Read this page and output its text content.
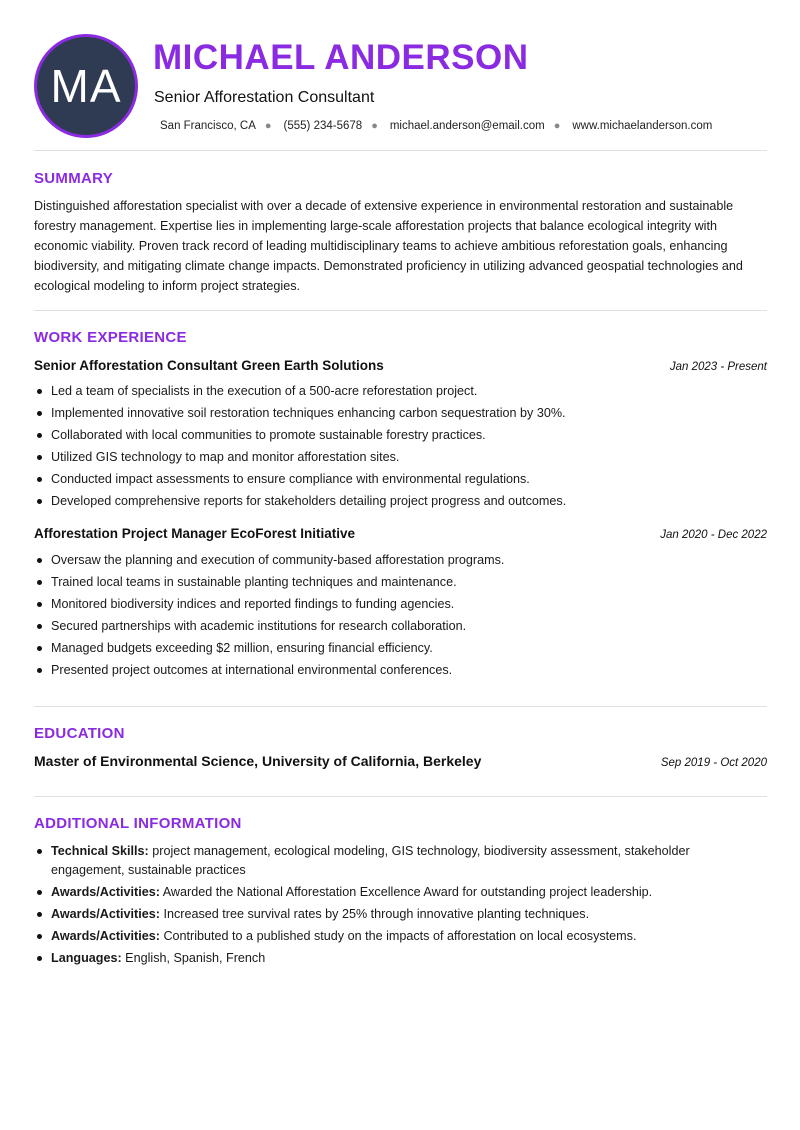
MA
MICHAEL ANDERSON
Senior Afforestation Consultant
San Francisco, CA ● (555) 234-5678 ● michael.anderson@email.com ● www.michaelanderson.com
SUMMARY

Distinguished afforestation specialist with over a decade of extensive experience in environmental restoration and sustainable forestry management. Expertise lies in implementing large-scale afforestation projects that balance ecological integrity with economic viability. Proven track record of leading multidisciplinary teams to achieve ambitious reforestation goals, enhancing biodiversity, and mitigating climate change impacts. Demonstrated proficiency in utilizing advanced geospatial technologies and ecological modeling to inform project strategies.

WORK EXPERIENCE
Senior Afforestation Consultant Green Earth Solutions	Jan 2023 - Present
Led a team of specialists in the execution of a 500-acre reforestation project.
Implemented innovative soil restoration techniques enhancing carbon sequestration by 30%.
Collaborated with local communities to promote sustainable forestry practices.
Utilized GIS technology to map and monitor afforestation sites.
Conducted impact assessments to ensure compliance with environmental regulations.
Developed comprehensive reports for stakeholders detailing project progress and outcomes.
Afforestation Project Manager EcoForest Initiative	Jan 2020 - Dec 2022
Oversaw the planning and execution of community-based afforestation programs.
Trained local teams in sustainable planting techniques and maintenance.
Monitored biodiversity indices and reported findings to funding agencies.
Secured partnerships with academic institutions for research collaboration.
Managed budgets exceeding $2 million, ensuring financial efficiency.
Presented project outcomes at international environmental conferences.
EDUCATION
Master of Environmental Science, University of California, Berkeley	Sep 2019 - Oct 2020
ADDITIONAL INFORMATION
Technical Skills: project management, ecological modeling, GIS technology, biodiversity assessment, stakeholder engagement, sustainable practices
Awards/Activities: Awarded the National Afforestation Excellence Award for outstanding project leadership.
Awards/Activities: Increased tree survival rates by 25% through innovative planting techniques.
Awards/Activities: Contributed to a published study on the impacts of afforestation on local ecosystems.
Languages: English, Spanish, French
